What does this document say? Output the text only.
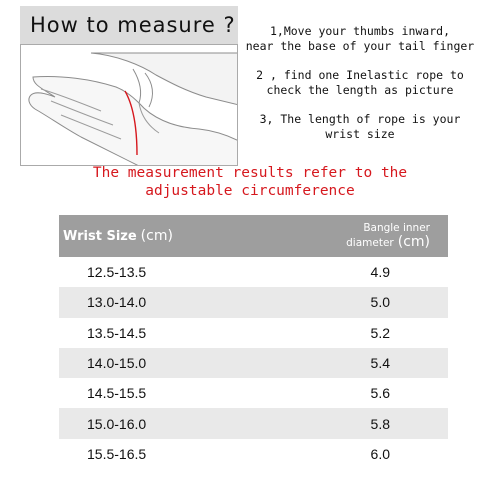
How to measure ?	1,Move your thumbs inward,
near the base of your tail finger
2 , find one Inelastic rope to
check the length as picture
3, The length of rope is your
wrist size
The measurement results refer to the
adjustable circumference
Wrist Size (cm)	Bangle inner diameter (cm)
12.5-13.5	4.9
13.0-14.0	5.0
13.5-14.5	5.2
14.0-15.0	5.4
14.5-15.5	5.6
15.0-16.0	5.8
15.5-16.5	6.0
